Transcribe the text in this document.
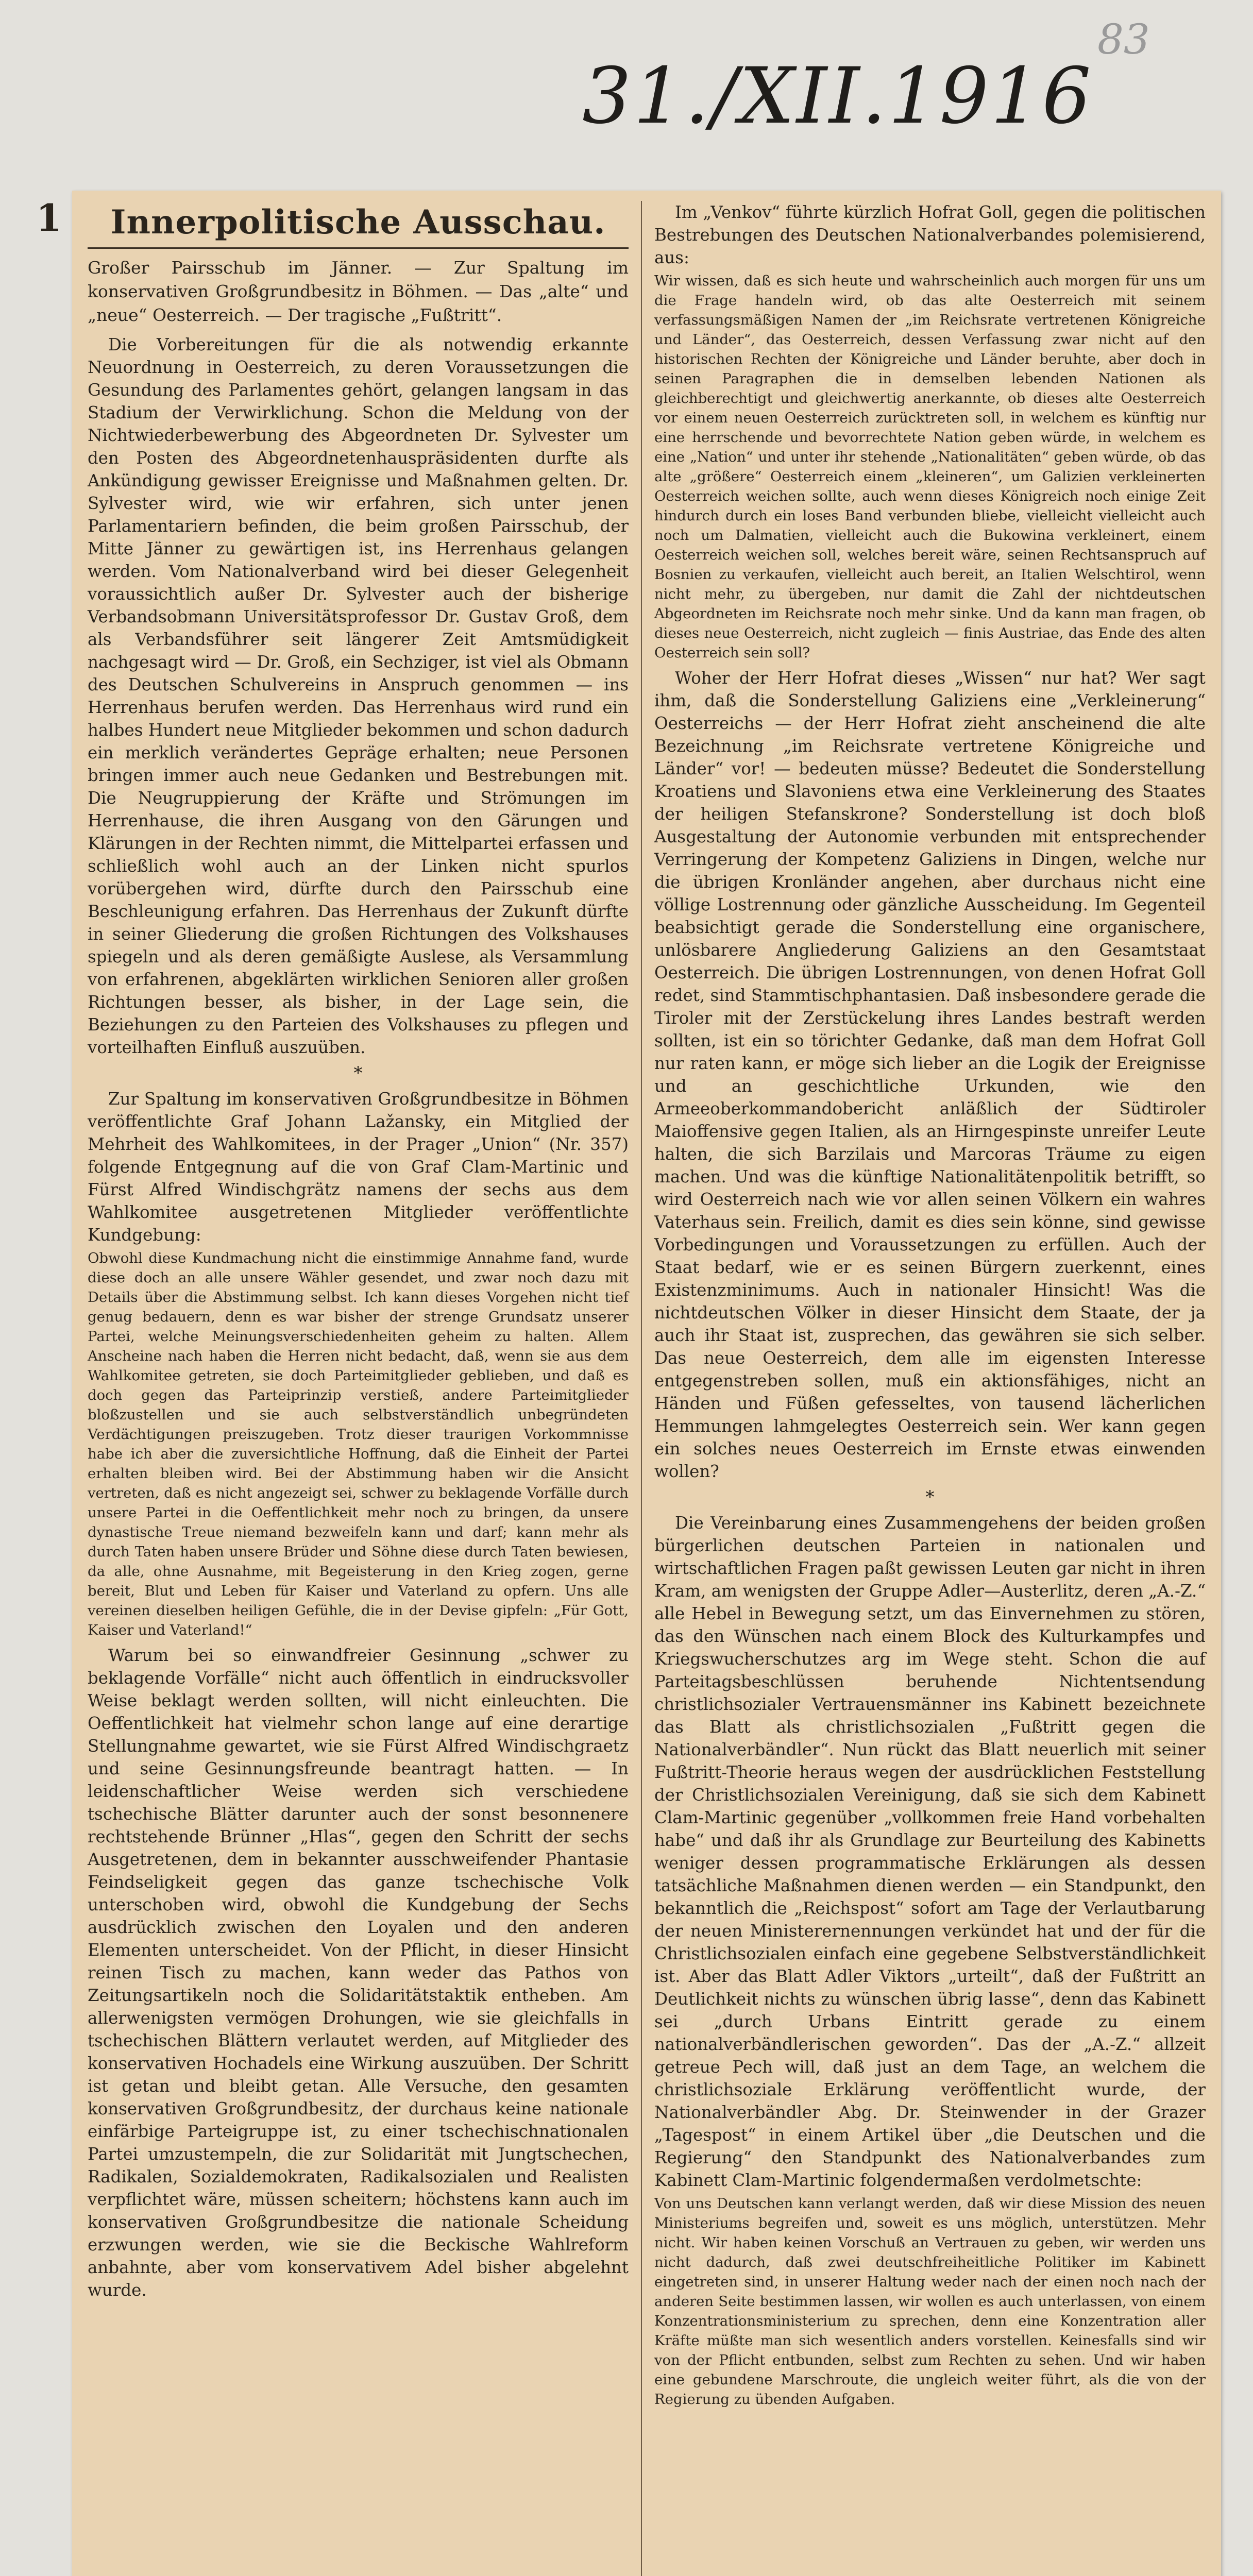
83
31./XII.1916
1	Innerpolitische Ausschau.

Großer Pairsschub im Jänner. — Zur Spaltung im konservativen Großgrundbesitz in Böhmen. — Das „alte“ und „neue“ Oesterreich. — Der tragische „Fußtritt“.

Die Vorbereitungen für die als notwendig erkannte Neuordnung in Oesterreich, zu deren Voraussetzungen die Gesundung des Parlamentes gehört, gelangen langsam in das Stadium der Verwirklichung. Schon die Meldung von der Nichtwiederbewerbung des Abgeordneten Dr. Sylvester um den Posten des Abgeordnetenhauspräsidenten durfte als Ankündigung gewisser Ereignisse und Maßnahmen gelten. Dr. Sylvester wird, wie wir erfahren, sich unter jenen Parlamentariern befinden, die beim großen Pairsschub, der Mitte Jänner zu gewärtigen ist, ins Herrenhaus gelangen werden. Vom Nationalverband wird bei dieser Gelegenheit voraussichtlich außer Dr. Sylvester auch der bisherige Verbandsobmann Universitätsprofessor Dr. Gustav Groß, dem als Verbandsführer seit längerer Zeit Amtsmüdigkeit nachgesagt wird — Dr. Groß, ein Sechziger, ist viel als Obmann des Deutschen Schulvereins in Anspruch genommen — ins Herrenhaus berufen werden. Das Herrenhaus wird rund ein halbes Hundert neue Mitglieder bekommen und schon dadurch ein merklich verändertes Gepräge erhalten; neue Personen bringen immer auch neue Gedanken und Bestrebungen mit. Die Neugruppierung der Kräfte und Strömungen im Herrenhause, die ihren Ausgang von den Gärungen und Klärungen in der Rechten nimmt, die Mittelpartei erfassen und schließlich wohl auch an der Linken nicht spurlos vorübergehen wird, dürfte durch den Pairsschub eine Beschleunigung erfahren. Das Herrenhaus der Zukunft dürfte in seiner Gliederung die großen Richtungen des Volkshauses spiegeln und als deren gemäßigte Auslese, als Versammlung von erfahrenen, abgeklärten wirklichen Senioren aller großen Richtungen besser, als bisher, in der Lage sein, die Beziehungen zu den Parteien des Volkshauses zu pflegen und vorteilhaften Einfluß auszuüben.

*

Zur Spaltung im konservativen Großgrundbesitze in Böhmen veröffentlichte Graf Johann Lažansky, ein Mitglied der Mehrheit des Wahlkomitees, in der Prager „Union“ (Nr. 357) folgende Entgegnung auf die von Graf Clam-Martinic und Fürst Alfred Windischgrätz namens der sechs aus dem Wahlkomitee ausgetretenen Mitglieder veröffentlichte Kundgebung:

Obwohl diese Kundmachung nicht die einstimmige Annahme fand, wurde diese doch an alle unsere Wähler gesendet, und zwar noch dazu mit Details über die Abstimmung selbst. Ich kann dieses Vorgehen nicht tief genug bedauern, denn es war bisher der strenge Grundsatz unserer Partei, welche Meinungsverschiedenheiten geheim zu halten. Allem Anscheine nach haben die Herren nicht bedacht, daß, wenn sie aus dem Wahlkomitee getreten, sie doch Parteimitglieder geblieben, und daß es doch gegen das Parteiprinzip verstieß, andere Parteimitglieder bloßzustellen und sie auch selbstverständlich unbegründeten Verdächtigungen preiszugeben. Trotz dieser traurigen Vorkommnisse habe ich aber die zuversichtliche Hoffnung, daß die Einheit der Partei erhalten bleiben wird. Bei der Abstimmung haben wir die Ansicht vertreten, daß es nicht angezeigt sei, schwer zu beklagende Vorfälle durch unsere Partei in die Oeffentlichkeit mehr noch zu bringen, da unsere dynastische Treue niemand bezweifeln kann und darf; kann mehr als durch Taten haben unsere Brüder und Söhne diese durch Taten bewiesen, da alle, ohne Ausnahme, mit Begeisterung in den Krieg zogen, gerne bereit, Blut und Leben für Kaiser und Vaterland zu opfern. Uns alle vereinen dieselben heiligen Gefühle, die in der Devise gipfeln: „Für Gott, Kaiser und Vaterland!“

Warum bei so einwandfreier Gesinnung „schwer zu beklagende Vorfälle“ nicht auch öffentlich in eindrucksvoller Weise beklagt werden sollten, will nicht einleuchten. Die Oeffentlichkeit hat vielmehr schon lange auf eine derartige Stellungnahme gewartet, wie sie Fürst Alfred Windischgraetz und seine Gesinnungsfreunde beantragt hatten. — In leidenschaftlicher Weise werden sich verschiedene tschechische Blätter darunter auch der sonst besonnenere rechtstehende Brünner „Hlas“, gegen den Schritt der sechs Ausgetretenen, dem in bekannter ausschweifender Phantasie Feindseligkeit gegen das ganze tschechische Volk unterschoben wird, obwohl die Kundgebung der Sechs ausdrücklich zwischen den Loyalen und den anderen Elementen unterscheidet. Von der Pflicht, in dieser Hinsicht reinen Tisch zu machen, kann weder das Pathos von Zeitungsartikeln noch die Solidaritätstaktik entheben. Am allerwenigsten vermögen Drohungen, wie sie gleichfalls in tschechischen Blättern verlautet werden, auf Mitglieder des konservativen Hochadels eine Wirkung auszuüben. Der Schritt ist getan und bleibt getan. Alle Versuche, den gesamten konservativen Großgrundbesitz, der durchaus keine nationale einfärbige Parteigruppe ist, zu einer tschechischnationalen Partei umzustempeln, die zur Solidarität mit Jungtschechen, Radikalen, Sozialdemokraten, Radikalsozialen und Realisten verpflichtet wäre, müssen scheitern; höchstens kann auch im konservativen Großgrundbesitze die nationale Scheidung erzwungen werden, wie sie die Beckische Wahlreform anbahnte, aber vom konservativem Adel bisher abgelehnt wurde.

Im „Venkov“ führte kürzlich Hofrat Goll, gegen die politischen Bestrebungen des Deutschen Nationalverbandes polemisierend, aus:

Wir wissen, daß es sich heute und wahrscheinlich auch morgen für uns um die Frage handeln wird, ob das alte Oesterreich mit seinem verfassungsmäßigen Namen der „im Reichsrate vertretenen Königreiche und Länder“, das Oesterreich, dessen Verfassung zwar nicht auf den historischen Rechten der Königreiche und Länder beruhte, aber doch in seinen Paragraphen die in demselben lebenden Nationen als gleichberechtigt und gleichwertig anerkannte, ob dieses alte Oesterreich vor einem neuen Oesterreich zurücktreten soll, in welchem es künftig nur eine herrschende und bevorrechtete Nation geben würde, in welchem es eine „Nation“ und unter ihr stehende „Nationalitäten“ geben würde, ob das alte „größere“ Oesterreich einem „kleineren“, um Galizien verkleinerten Oesterreich weichen sollte, auch wenn dieses Königreich noch einige Zeit hindurch durch ein loses Band verbunden bliebe, vielleicht vielleicht auch noch um Dalmatien, vielleicht auch die Bukowina verkleinert, einem Oesterreich weichen soll, welches bereit wäre, seinen Rechtsanspruch auf Bosnien zu verkaufen, vielleicht auch bereit, an Italien Welschtirol, wenn nicht mehr, zu übergeben, nur damit die Zahl der nichtdeutschen Abgeordneten im Reichsrate noch mehr sinke. Und da kann man fragen, ob dieses neue Oesterreich, nicht zugleich — finis Austriae, das Ende des alten Oesterreich sein soll?

Woher der Herr Hofrat dieses „Wissen“ nur hat? Wer sagt ihm, daß die Sonderstellung Galiziens eine „Verkleinerung“ Oesterreichs — der Herr Hofrat zieht anscheinend die alte Bezeichnung „im Reichsrate vertretene Königreiche und Länder“ vor! — bedeuten müsse? Bedeutet die Sonderstellung Kroatiens und Slavoniens etwa eine Verkleinerung des Staates der heiligen Stefanskrone? Sonderstellung ist doch bloß Ausgestaltung der Autonomie verbunden mit entsprechender Verringerung der Kompetenz Galiziens in Dingen, welche nur die übrigen Kronländer angehen, aber durchaus nicht eine völlige Lostrennung oder gänzliche Ausscheidung. Im Gegenteil beabsichtigt gerade die Sonderstellung eine organischere, unlösbarere Angliederung Galiziens an den Gesamtstaat Oesterreich. Die übrigen Lostrennungen, von denen Hofrat Goll redet, sind Stammtischphantasien. Daß insbesondere gerade die Tiroler mit der Zerstückelung ihres Landes bestraft werden sollten, ist ein so törichter Gedanke, daß man dem Hofrat Goll nur raten kann, er möge sich lieber an die Logik der Ereignisse und an geschichtliche Urkunden, wie den Armeeoberkommandobericht anläßlich der Südtiroler Maioffensive gegen Italien, als an Hirngespinste unreifer Leute halten, die sich Barzilais und Marcoras Träume zu eigen machen. Und was die künftige Nationalitätenpolitik betrifft, so wird Oesterreich nach wie vor allen seinen Völkern ein wahres Vaterhaus sein. Freilich, damit es dies sein könne, sind gewisse Vorbedingungen und Voraussetzungen zu erfüllen. Auch der Staat bedarf, wie er es seinen Bürgern zuerkennt, eines Existenzminimums. Auch in nationaler Hinsicht! Was die nichtdeutschen Völker in dieser Hinsicht dem Staate, der ja auch ihr Staat ist, zusprechen, das gewähren sie sich selber. Das neue Oesterreich, dem alle im eigensten Interesse entgegenstreben sollen, muß ein aktionsfähiges, nicht an Händen und Füßen gefesseltes, von tausend lächerlichen Hemmungen lahmgelegtes Oesterreich sein. Wer kann gegen ein solches neues Oesterreich im Ernste etwas einwenden wollen?

*

Die Vereinbarung eines Zusammengehens der beiden großen bürgerlichen deutschen Parteien in nationalen und wirtschaftlichen Fragen paßt gewissen Leuten gar nicht in ihren Kram, am wenigsten der Gruppe Adler—Austerlitz, deren „A.-Z.“ alle Hebel in Bewegung setzt, um das Einvernehmen zu stören, das den Wünschen nach einem Block des Kulturkampfes und Kriegswucherschutzes arg im Wege steht. Schon die auf Parteitagsbeschlüssen beruhende Nichtentsendung christlichsozialer Vertrauensmänner ins Kabinett bezeichnete das Blatt als christlichsozialen „Fußtritt gegen die Nationalverbändler“. Nun rückt das Blatt neuerlich mit seiner Fußtritt-Theorie heraus wegen der ausdrücklichen Feststellung der Christlichsozialen Vereinigung, daß sie sich dem Kabinett Clam-Martinic gegenüber „vollkommen freie Hand vorbehalten habe“ und daß ihr als Grundlage zur Beurteilung des Kabinetts weniger dessen programmatische Erklärungen als dessen tatsächliche Maßnahmen dienen werden — ein Standpunkt, den bekanntlich die „Reichspost“ sofort am Tage der Verlautbarung der neuen Ministerernennungen verkündet hat und der für die Christlichsozialen einfach eine gegebene Selbstverständlichkeit ist. Aber das Blatt Adler Viktors „urteilt“, daß der Fußtritt an Deutlichkeit nichts zu wünschen übrig lasse“, denn das Kabinett sei „durch Urbans Eintritt gerade zu einem nationalverbändlerischen geworden“. Das der „A.-Z.“ allzeit getreue Pech will, daß just an dem Tage, an welchem die christlichsoziale Erklärung veröffentlicht wurde, der Nationalverbändler Abg. Dr. Steinwender in der Grazer „Tagespost“ in einem Artikel über „die Deutschen und die Regierung“ den Standpunkt des Nationalverbandes zum Kabinett Clam-Martinic folgendermaßen verdolmetschte:

Von uns Deutschen kann verlangt werden, daß wir diese Mission des neuen Ministeriums begreifen und, soweit es uns möglich, unterstützen. Mehr nicht. Wir haben keinen Vorschuß an Vertrauen zu geben, wir werden uns nicht dadurch, daß zwei deutschfreiheitliche Politiker im Kabinett eingetreten sind, in unserer Haltung weder nach der einen noch nach der anderen Seite bestimmen lassen, wir wollen es auch unterlassen, von einem Konzentrationsministerium zu sprechen, denn eine Konzentration aller Kräfte müßte man sich wesentlich anders vorstellen. Keinesfalls sind wir von der Pflicht entbunden, selbst zum Rechten zu sehen. Und wir haben eine gebundene Marschroute, die ungleich weiter führt, als die von der Regierung zu übenden Aufgaben.
